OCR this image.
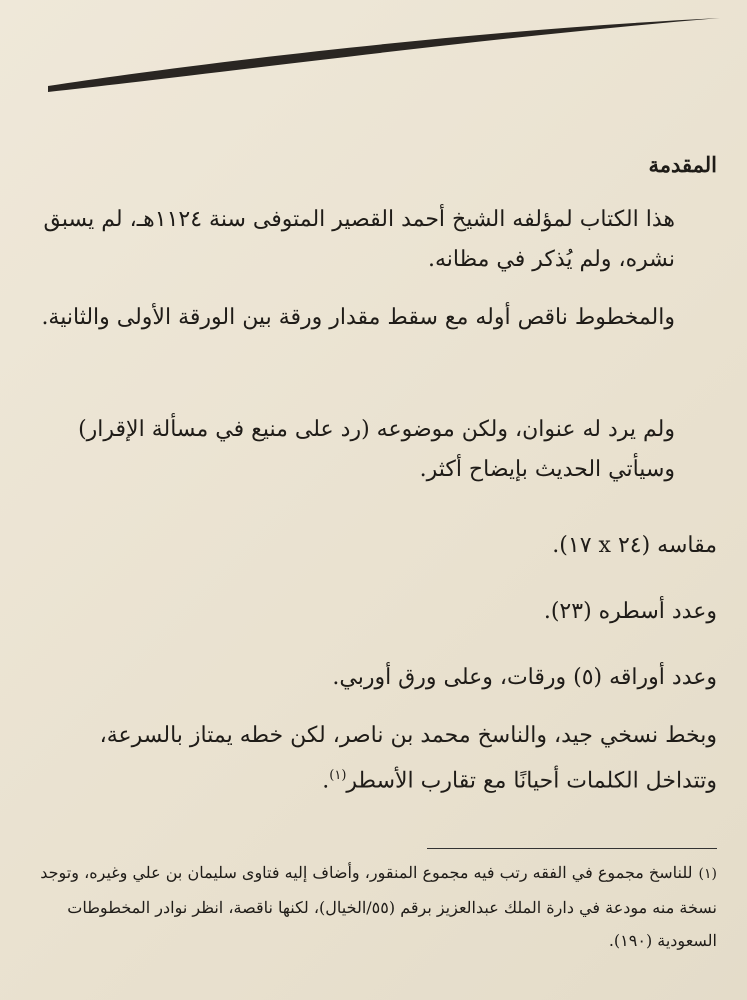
المقدمة
هذا الكتاب لمؤلفه الشيخ أحمد القصير المتوفى سنة ١١٢٤هـ، لم يسبق نشره، ولم يُذكر في مظانه.
والمخطوط ناقص أوله مع سقط مقدار ورقة بين الورقة الأولى والثانية.
ولم يرد له عنوان، ولكن موضوعه (رد على منيع في مسألة الإقرار) وسيأتي الحديث بإيضاح أكثر.
مقاسه (٢٤ x ١٧).
وعدد أسطره (٢٣).
وعدد أوراقه (٥) ورقات، وعلى ورق أوربي.
وبخط نسخي جيد، والناسخ محمد بن ناصر، لكن خطه يمتاز بالسرعة، وتتداخل الكلمات أحيانًا مع تقارب الأسطر$^{(١)}$.
(١)للناسخ مجموع في الفقه رتب فيه مجموع المنقور، وأضاف إليه فتاوى سليمان بن علي وغيره، وتوجد نسخة منه مودعة في دارة الملك عبدالعزيز برقم (٥٥/الخيال)، لكنها ناقصة، انظر نوادر المخطوطات السعودية (١٩٠).
